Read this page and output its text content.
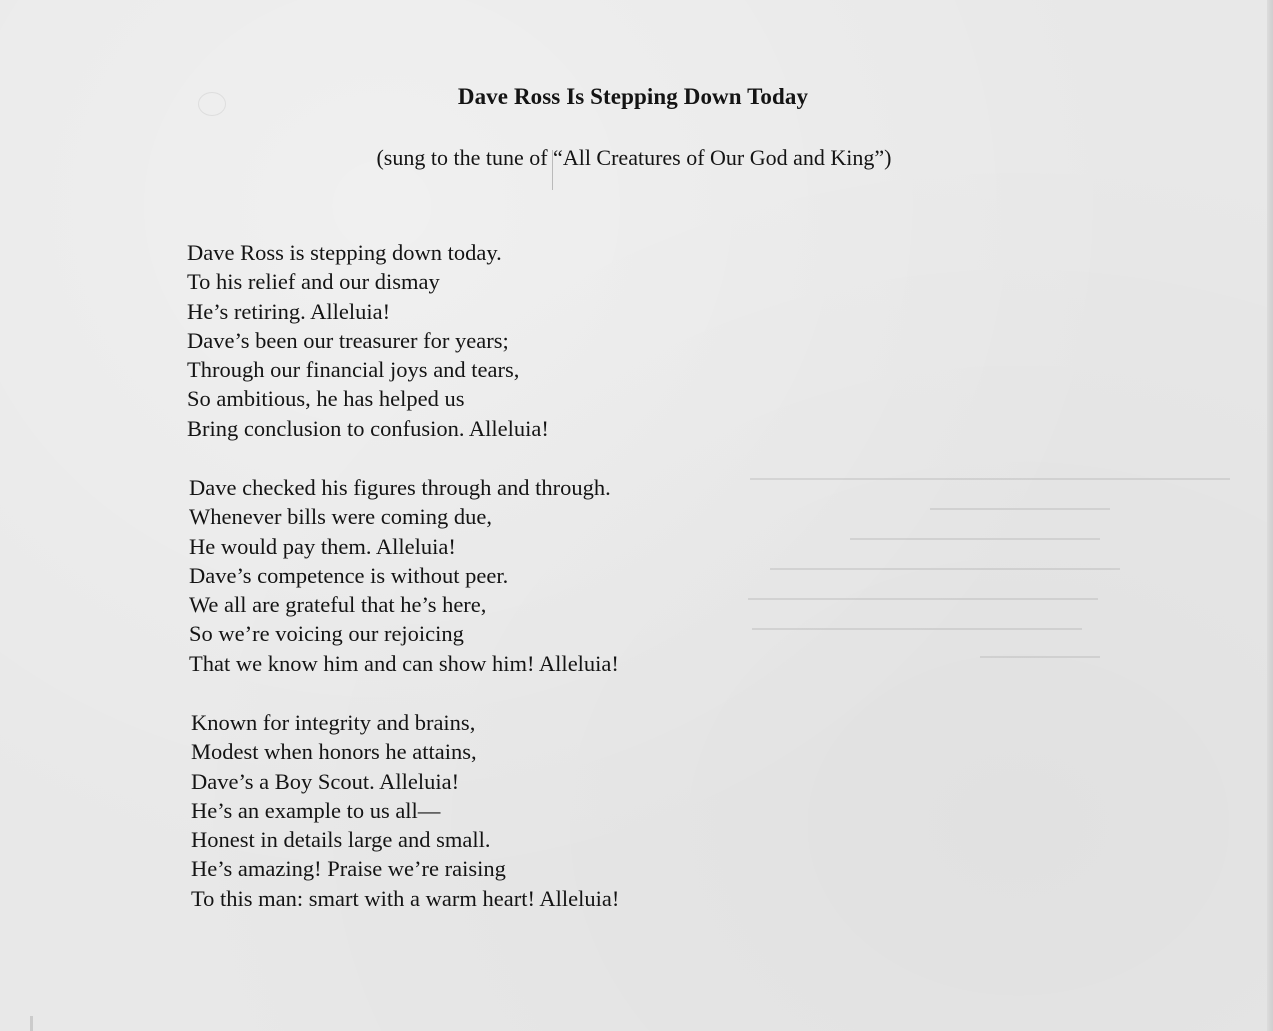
Dave Ross Is Stepping Down Today
(sung to the tune of “All Creatures of Our God and King”)
Dave Ross is stepping down today.
To his relief and our dismay
He’s retiring. Alleluia!
Dave’s been our treasurer for years;
Through our financial joys and tears,
So ambitious, he has helped us
Bring conclusion to confusion. Alleluia!
Dave checked his figures through and through.
Whenever bills were coming due,
He would pay them. Alleluia!
Dave’s competence is without peer.
We all are grateful that he’s here,
So we’re voicing our rejoicing
That we know him and can show him! Alleluia!
Known for integrity and brains,
Modest when honors he attains,
Dave’s a Boy Scout. Alleluia!
He’s an example to us all—
Honest in details large and small.
He’s amazing! Praise we’re raising
To this man: smart with a warm heart! Alleluia!
